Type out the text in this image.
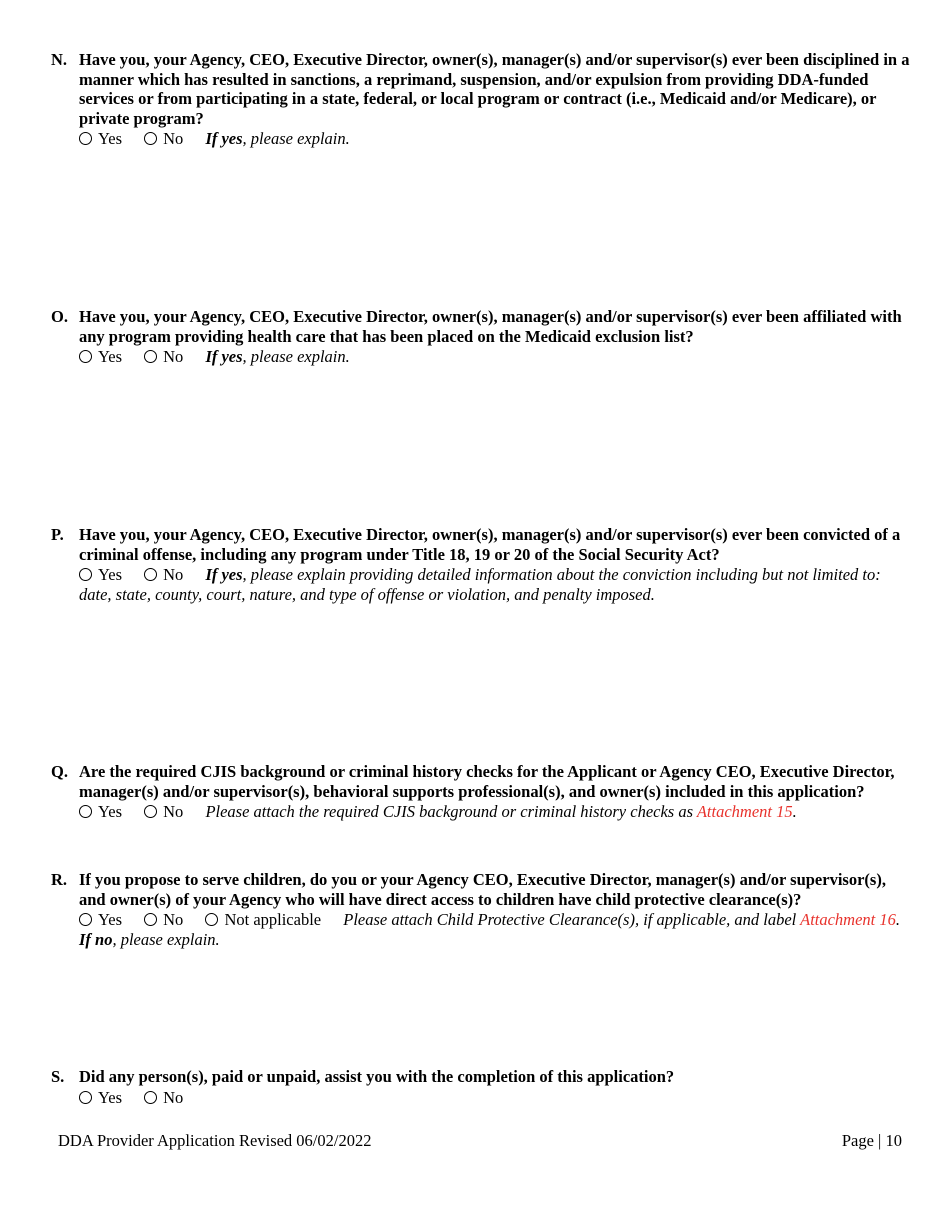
N. Have you, your Agency, CEO, Executive Director, owner(s), manager(s) and/or supervisor(s) ever been disciplined in a manner which has resulted in sanctions, a reprimand, suspension, and/or expulsion from providing DDA-funded services or from participating in a state, federal, or local program or contract (i.e., Medicaid and/or Medicare), or private program?

Yes No If yes, please explain.
O. Have you, your Agency, CEO, Executive Director, owner(s), manager(s) and/or supervisor(s) ever been affiliated with any program providing health care that has been placed on the Medicaid exclusion list?

Yes No If yes, please explain.
P. Have you, your Agency, CEO, Executive Director, owner(s), manager(s) and/or supervisor(s) ever been convicted of a criminal offense, including any program under Title 18, 19 or 20 of the Social Security Act?

Yes No If yes, please explain providing detailed information about the conviction including but not limited to: date, state, county, court, nature, and type of offense or violation, and penalty imposed.
Q. Are the required CJIS background or criminal history checks for the Applicant or Agency CEO, Executive Director, manager(s) and/or supervisor(s), behavioral supports professional(s), and owner(s) included in this application?

Yes No Please attach the required CJIS background or criminal history checks as Attachment 15.
R. If you propose to serve children, do you or your Agency CEO, Executive Director, manager(s) and/or supervisor(s), and owner(s) of your Agency who will have direct access to children have child protective clearance(s)?

Yes No Not applicable Please attach Child Protective Clearance(s), if applicable, and label Attachment 16. If no, please explain.
S. Did any person(s), paid or unpaid, assist you with the completion of this application?

Yes No
DDA Provider Application Revised 06/02/2022	Page | 10
